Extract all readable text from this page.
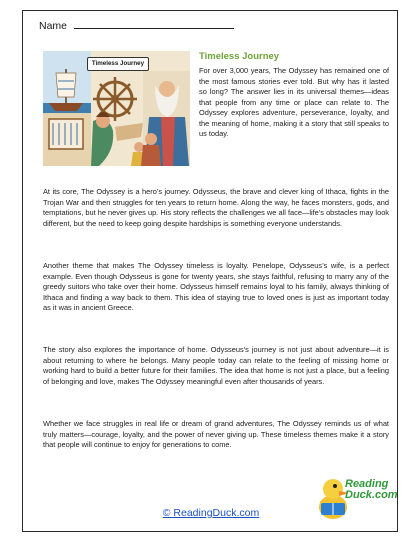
Name
Timeless Journey
Timeless Journey
For over 3,000 years, The Odyssey has remained one of the most famous stories ever told. But why has it lasted so long? The answer lies in its universal themes—ideas that people from any time or place can relate to. The Odyssey explores adventure, perseverance, loyalty, and the meaning of home, making it a story that still speaks to us today.
At its core, The Odyssey is a hero’s journey. Odysseus, the brave and clever king of Ithaca, fights in the Trojan War and then struggles for ten years to return home. Along the way, he faces monsters, gods, and temptations, but he never gives up. His story reflects the challenges we all face—life’s obstacles may look different, but the need to keep going despite hardships is something everyone understands.
Another theme that makes The Odyssey timeless is loyalty. Penelope, Odysseus’s wife, is a perfect example. Even though Odysseus is gone for twenty years, she stays faithful, refusing to marry any of the greedy suitors who take over their home. Odysseus himself remains loyal to his family, always thinking of Ithaca and finding a way back to them. This idea of staying true to loved ones is just as important today as it was in ancient Greece.
The story also explores the importance of home. Odysseus’s journey is not just about adventure—it is about returning to where he belongs. Many people today can relate to the feeling of missing home or working hard to build a better future for their families. The idea that home is not just a place, but a feeling of belonging and love, makes The Odyssey meaningful even after thousands of years.
Whether we face struggles in real life or dream of grand adventures, The Odyssey reminds us of what truly matters—courage, loyalty, and the power of never giving up. These timeless themes make it a story that people will continue to enjoy for generations to come.
Reading
Duck.com
© ReadingDuck.com
